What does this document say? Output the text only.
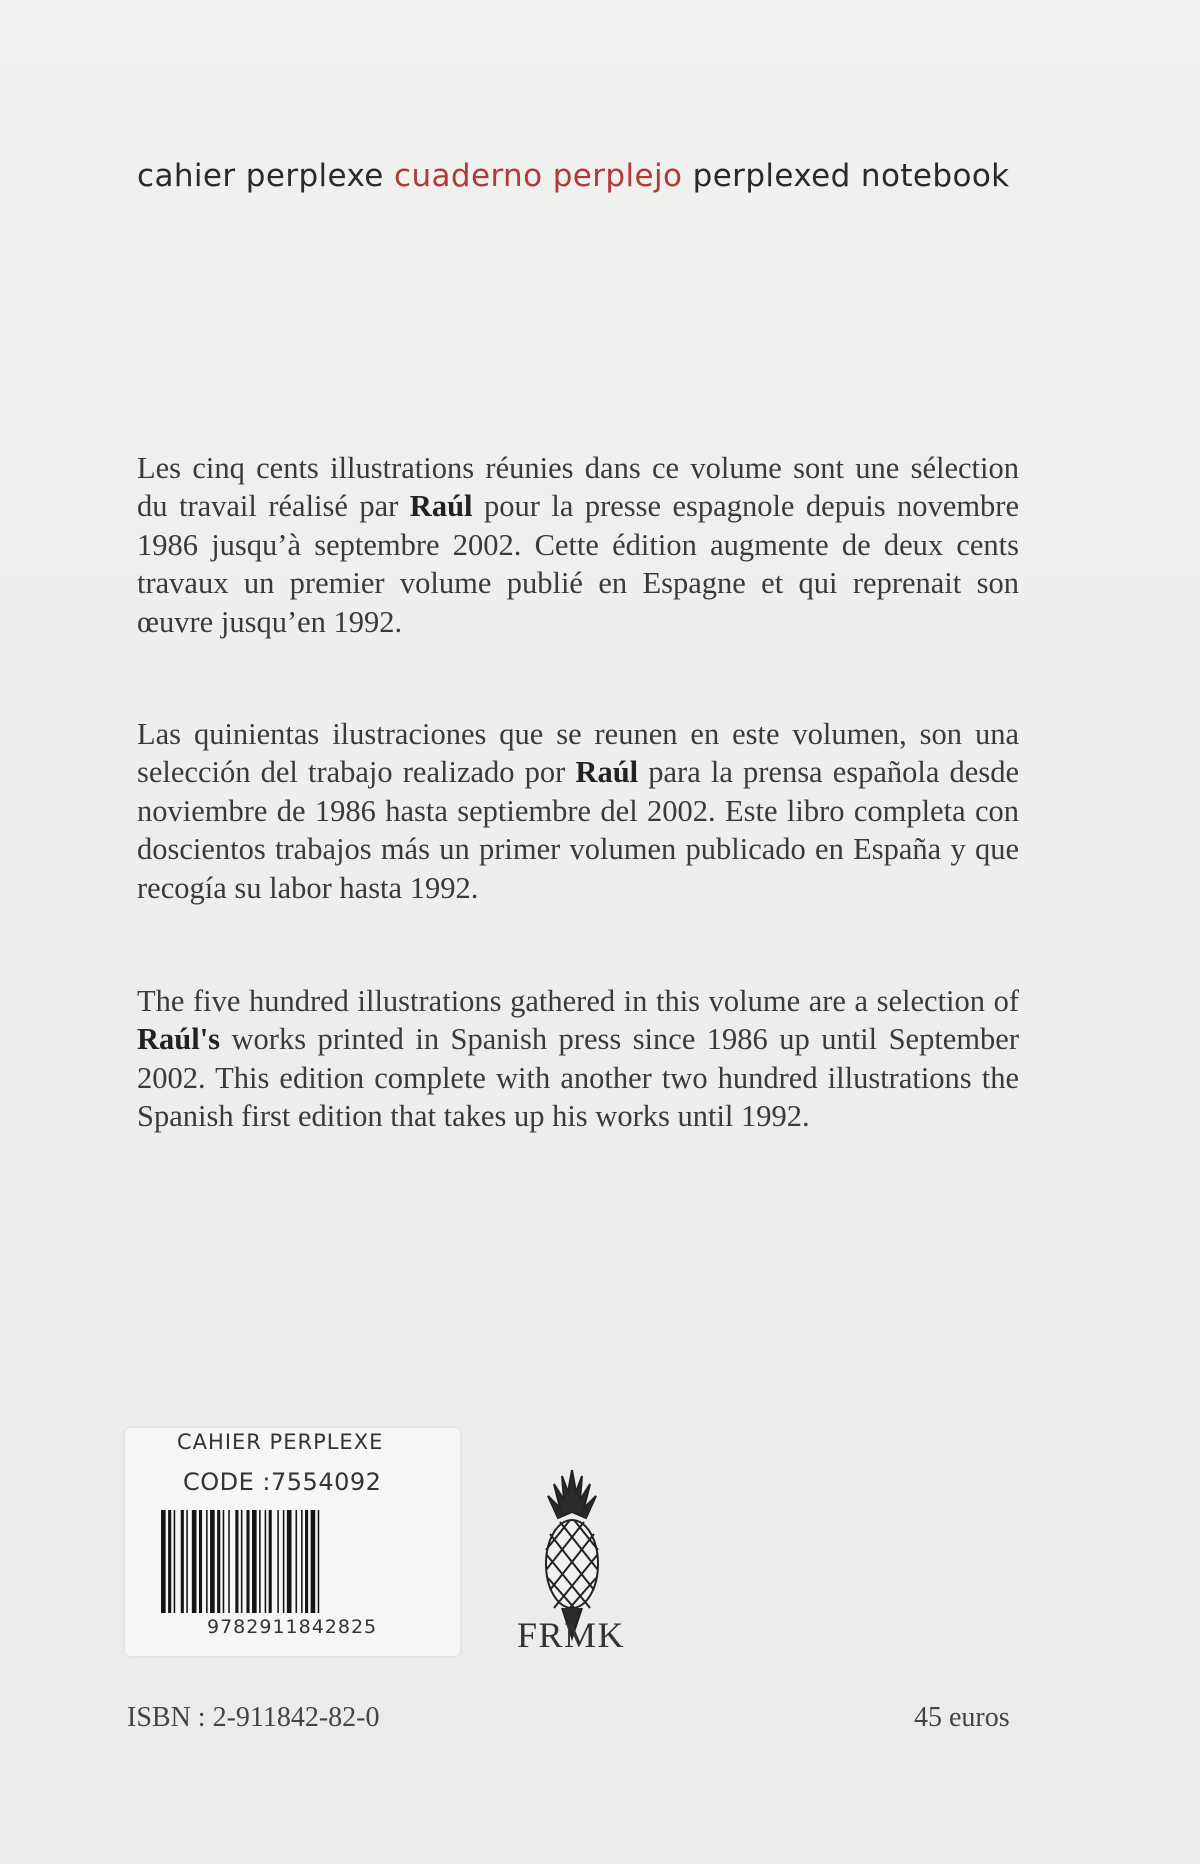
cahier perplexe cuaderno perplejo perplexed notebook

Les cinq cents illustrations réunies dans ce volume sont une sélection du travail réalisé par Raúl pour la presse espagnole depuis novembre 1986 jusqu’à septembre 2002. Cette édition augmente de deux cents travaux un premier volume publié en Espagne et qui reprenait son œuvre jusqu’en 1992.

Las quinientas ilustraciones que se reunen en este volumen, son una selección del trabajo realizado por Raúl para la prensa española desde noviembre de 1986 hasta septiembre del 2002. Este libro completa con doscientos trabajos más un primer volumen publicado en España y que recogía su labor hasta 1992.

The five hundred illustrations gathered in this volume are a selection of Raúl's works printed in Spanish press since 1986 up until September 2002. This edition complete with another two hundred illustrations the Spanish first edition that takes up his works until 1992.

CAHIER PERPLEXE
CODE :7554092
9782911842825	FRMK
ISBN : 2-911842-82-0	45 euros
